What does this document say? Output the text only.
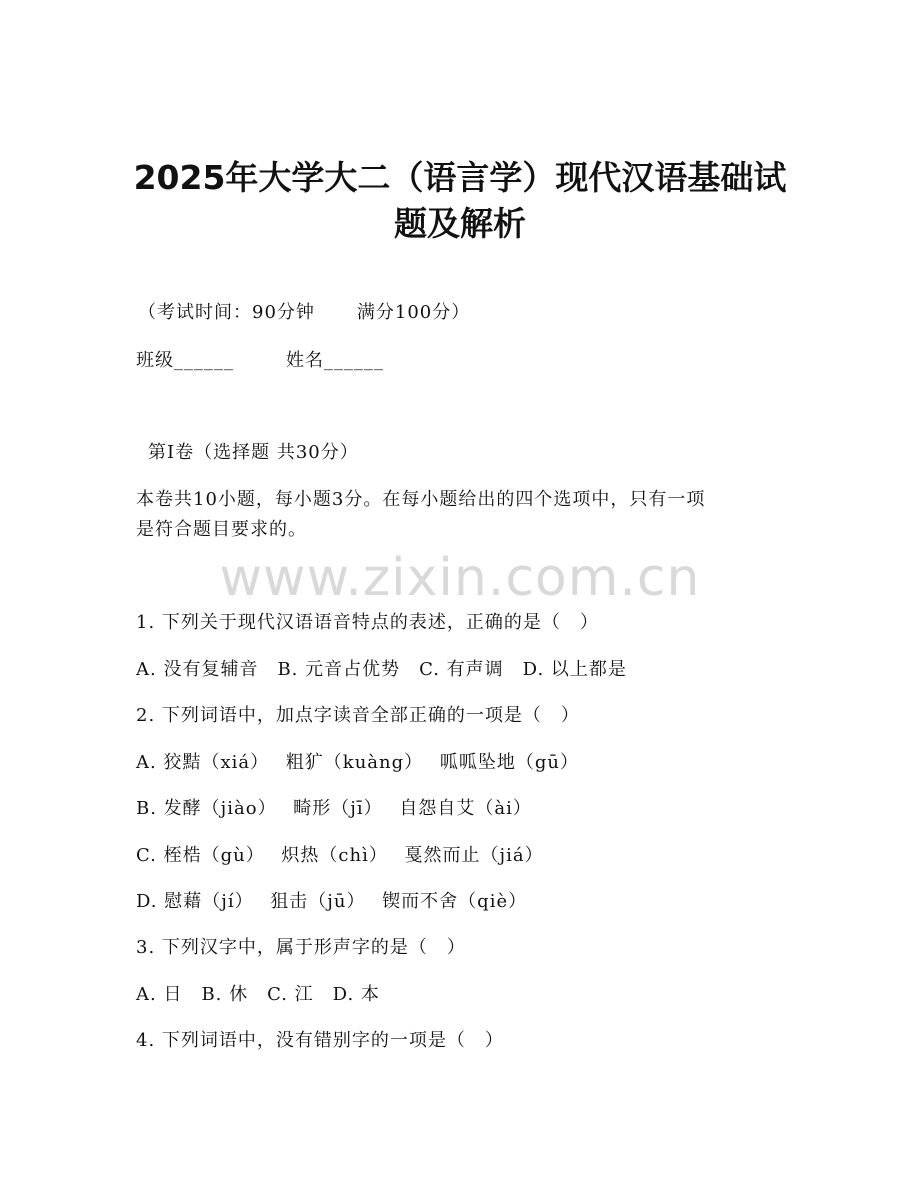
2025年大学大二（语言学）现代汉语基础试
题及解析
（考试时间：90分钟 满分100分）
班级______	姓名______
第Ⅰ卷（选择题 共30分）
本卷共10小题，每小题3分。在每小题给出的四个选项中，只有一项
是符合题目要求的。
www.zixin.com.cn
1. 下列关于现代汉语语音特点的表述，正确的是（　）
A. 没有复辅音　B. 元音占优势　C. 有声调　D. 以上都是
2. 下列词语中，加点字读音全部正确的一项是（　）
A. 狡黠（xiá）　 粗犷（kuàng）　 呱呱坠地（gū）
B. 发酵（jiào）　 畸形（jī）　 自怨自艾（ài）
C. 桎梏（gù）　 炽热（chì）　 戛然而止（jiá）
D. 慰藉（jí）　 狙击（jū）　 锲而不舍（qiè）
3. 下列汉字中，属于形声字的是（　）
A. 日　B. 休　C. 江　D. 本
4. 下列词语中，没有错别字的一项是（　）
